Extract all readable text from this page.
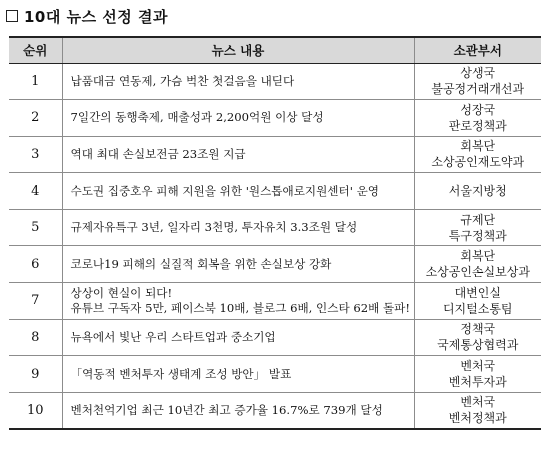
10대 뉴스 선정 결과
순위	뉴스 내용	소관부서
1	납품대금 연동제, 가슴 벅찬 첫걸음을 내딛다	상생국
불공정거래개선과

2	7일간의 동행축제, 매출성과 2,200억원 이상 달성	성장국
판로정책과

3	역대 최대 손실보전금 23조원 지급	회복단
소상공인재도약과

4	수도권 집중호우 피해 지원을 위한 '원스톱애로지원센터' 운영	서울지방청

5	규제자유특구 3년, 일자리 3천명, 투자유치 3.3조원 달성	규제단
특구정책과

6	코로나19 피해의 실질적 회복을 위한 손실보상 강화	회복단
소상공인손실보상과

7	상상이 현실이 되다!
유튜브 구독자 5만, 페이스북 10배, 블로그 6배, 인스타 62배 돌파!	대변인실
디지털소통팀

8	뉴욕에서 빛난 우리 스타트업과 중소기업	정책국
국제통상협력과

9	「역동적 벤처투자 생태계 조성 방안」 발표	벤처국
벤처투자과

10	벤처천억기업 최근 10년간 최고 증가율 16.7%로 739개 달성	벤처국
벤처정책과
